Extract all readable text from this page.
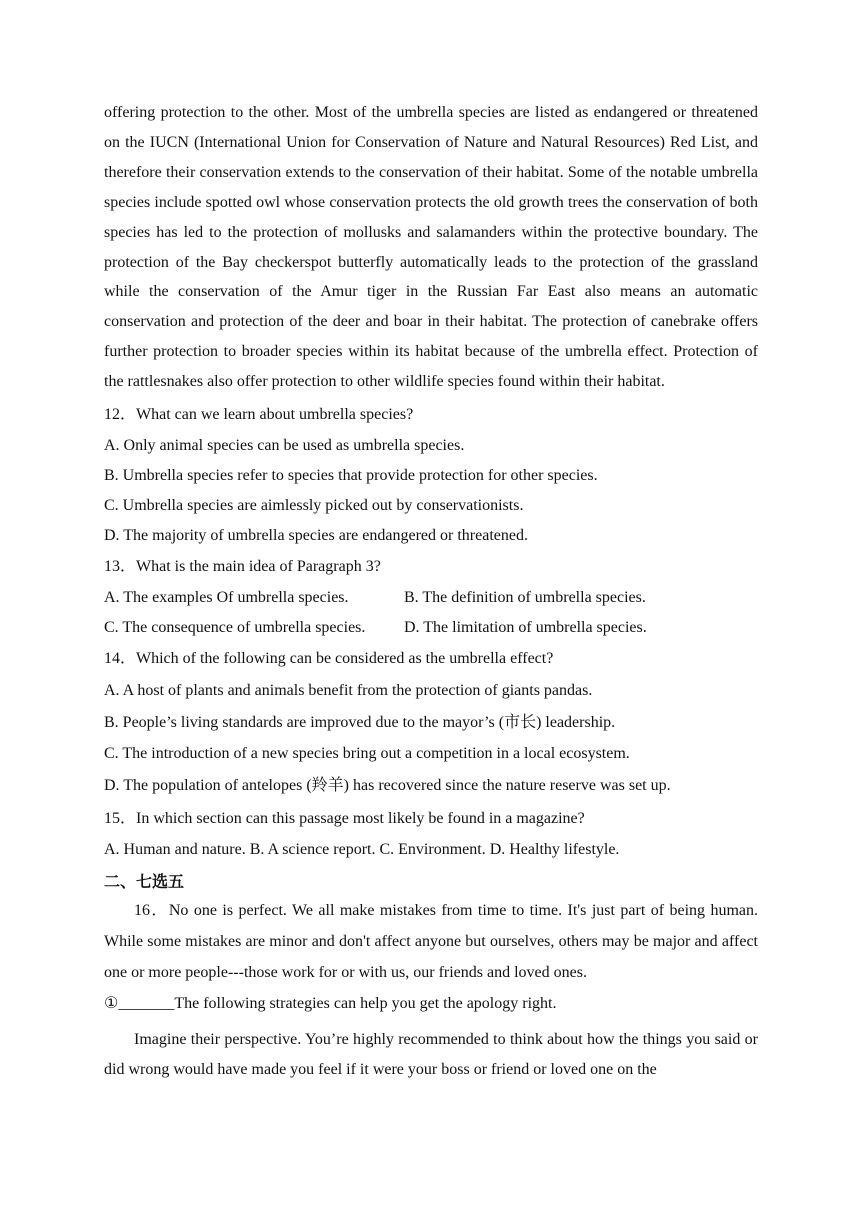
offering protection to the other. Most of the umbrella species are listed as endangered or threatened on the IUCN (International Union for Conservation of Nature and Natural Resources) Red List, and therefore their conservation extends to the conservation of their habitat. Some of the notable umbrella species include spotted owl whose conservation protects the old growth trees the conservation of both species has led to the protection of mollusks and salamanders within the protective boundary. The protection of the Bay checkerspot butterfly automatically leads to the protection of the grassland while the conservation of the Amur tiger in the Russian Far East also means an automatic conservation and protection of the deer and boar in their habitat. The protection of canebrake offers further protection to broader species within its habitat because of the umbrella effect. Protection of the rattlesnakes also offer protection to other wildlife species found within their habitat.

12．What can we learn about umbrella species?

A. Only animal species can be used as umbrella species.

B. Umbrella species refer to species that provide protection for other species.

C. Umbrella species are aimlessly picked out by conservationists.

D. The majority of umbrella species are endangered or threatened.

13．What is the main idea of Paragraph 3?

A. The examples Of umbrella species.	B. The definition of umbrella species.
C. The consequence of umbrella species.	D. The limitation of umbrella species.

14．Which of the following can be considered as the umbrella effect?

A. A host of plants and animals benefit from the protection of giants pandas.

B. People’s living standards are improved due to the mayor’s (市长) leadership.

C. The introduction of a new species bring out a competition in a local ecosystem.

D. The population of antelopes (羚羊) has recovered since the nature reserve was set up.

15．In which section can this passage most likely be found in a magazine?

A. Human and nature. B. A science report. C. Environment. D. Healthy lifestyle.

二、七选五

16．No one is perfect. We all make mistakes from time to time. It's just part of being human. While some mistakes are minor and don't affect anyone but ourselves, others may be major and affect one or more people---those work for or with us, our friends and loved ones.
①_______The following strategies can help you get the apology right.

Imagine their perspective. You’re highly recommended to think about how the things you said or did wrong would have made you feel if it were your boss or friend or loved one on the
